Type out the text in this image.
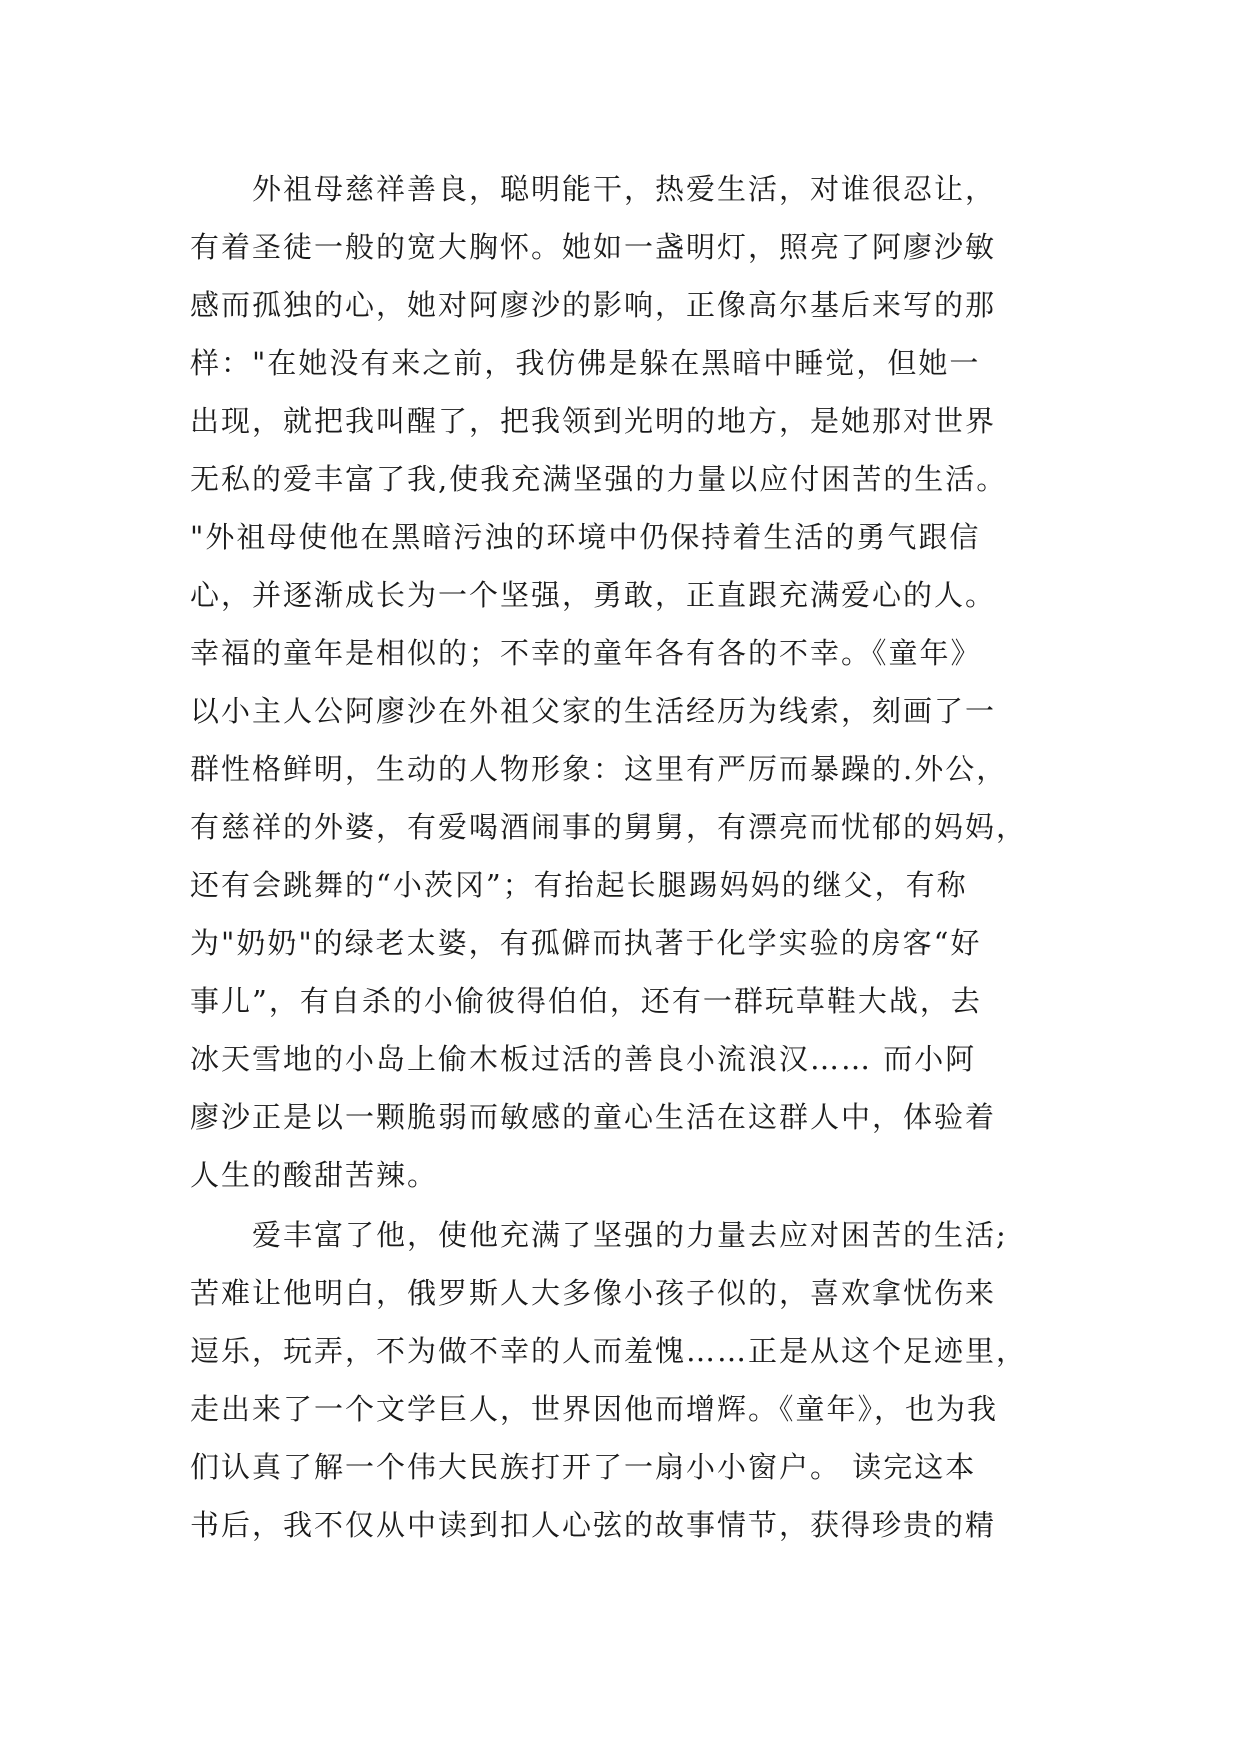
　　外祖母慈祥善良，聪明能干，热爱生活，对谁很忍让，
有着圣徒一般的宽大胸怀。她如一盏明灯，照亮了阿廖沙敏
感而孤独的心，她对阿廖沙的影响，正像高尔基后来写的那
样："在她没有来之前，我仿佛是躲在黑暗中睡觉，但她一
出现，就把我叫醒了，把我领到光明的地方，是她那对世界
无私的爱丰富了我,使我充满坚强的力量以应付困苦的生活。
"外祖母使他在黑暗污浊的环境中仍保持着生活的勇气跟信
心，并逐渐成长为一个坚强，勇敢，正直跟充满爱心的人。
幸福的童年是相似的；不幸的童年各有各的不幸。《童年》
以小主人公阿廖沙在外祖父家的生活经历为线索，刻画了一
群性格鲜明，生动的人物形象：这里有严厉而暴躁的.外公，
有慈祥的外婆，有爱喝酒闹事的舅舅，有漂亮而忧郁的妈妈，
还有会跳舞的“小茨冈”；有抬起长腿踢妈妈的继父，有称
为"奶奶"的绿老太婆，有孤僻而执著于化学实验的房客“好
事儿”，有自杀的小偷彼得伯伯，还有一群玩草鞋大战，去
冰天雪地的小岛上偷木板过活的善良小流浪汉…… 而小阿
廖沙正是以一颗脆弱而敏感的童心生活在这群人中，体验着
人生的酸甜苦辣。
　　爱丰富了他，使他充满了坚强的力量去应对困苦的生活;
苦难让他明白，俄罗斯人大多像小孩子似的，喜欢拿忧伤来
逗乐，玩弄，不为做不幸的人而羞愧……正是从这个足迹里，
走出来了一个文学巨人，世界因他而增辉。《童年》，也为我
们认真了解一个伟大民族打开了一扇小小窗户。 读完这本
书后，我不仅从中读到扣人心弦的故事情节，获得珍贵的精
